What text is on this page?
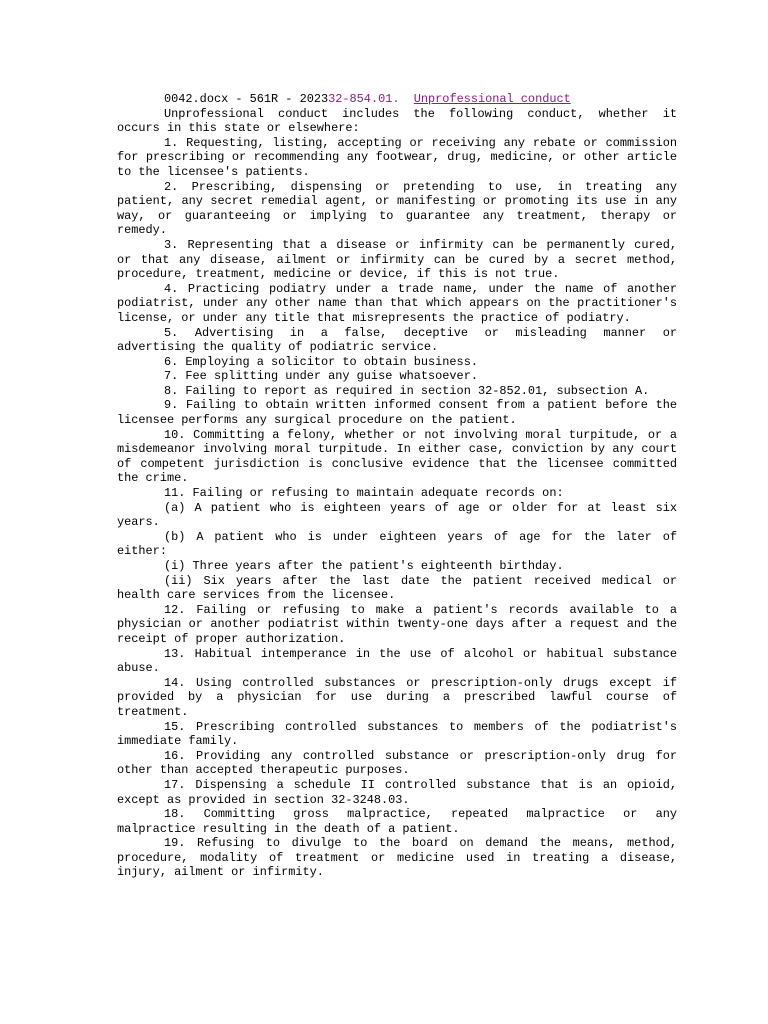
0042.docx - 561R - 202332-854.01. Unprofessional conduct

Unprofessional conduct includes the following conduct, whether it occurs in this state or elsewhere:

1. Requesting, listing, accepting or receiving any rebate or commission for prescribing or recommending any footwear, drug, medicine, or other article to the licensee's patients.

2. Prescribing, dispensing or pretending to use, in treating any patient, any secret remedial agent, or manifesting or promoting its use in any way, or guaranteeing or implying to guarantee any treatment, therapy or remedy.

3. Representing that a disease or infirmity can be permanently cured, or that any disease, ailment or infirmity can be cured by a secret method, procedure, treatment, medicine or device, if this is not true.

4. Practicing podiatry under a trade name, under the name of another podiatrist, under any other name than that which appears on the practitioner's license, or under any title that misrepresents the practice of podiatry.

5. Advertising in a false, deceptive or misleading manner or advertising the quality of podiatric service.

6. Employing a solicitor to obtain business.

7. Fee splitting under any guise whatsoever.

8. Failing to report as required in section 32-852.01, subsection A.

9. Failing to obtain written informed consent from a patient before the licensee performs any surgical procedure on the patient.

10. Committing a felony, whether or not involving moral turpitude, or a misdemeanor involving moral turpitude. In either case, conviction by any court of competent jurisdiction is conclusive evidence that the licensee committed the crime.

11. Failing or refusing to maintain adequate records on:

(a) A patient who is eighteen years of age or older for at least six years.

(b) A patient who is under eighteen years of age for the later of either:

(i) Three years after the patient's eighteenth birthday.

(ii) Six years after the last date the patient received medical or health care services from the licensee.

12. Failing or refusing to make a patient's records available to a physician or another podiatrist within twenty-one days after a request and the receipt of proper authorization.

13. Habitual intemperance in the use of alcohol or habitual substance abuse.

14. Using controlled substances or prescription-only drugs except if provided by a physician for use during a prescribed lawful course of treatment.

15. Prescribing controlled substances to members of the podiatrist's immediate family.

16. Providing any controlled substance or prescription-only drug for other than accepted therapeutic purposes.

17. Dispensing a schedule II controlled substance that is an opioid, except as provided in section 32-3248.03.

18. Committing gross malpractice, repeated malpractice or any malpractice resulting in the death of a patient.

19. Refusing to divulge to the board on demand the means, method, procedure, modality of treatment or medicine used in treating a disease, injury, ailment or infirmity.
